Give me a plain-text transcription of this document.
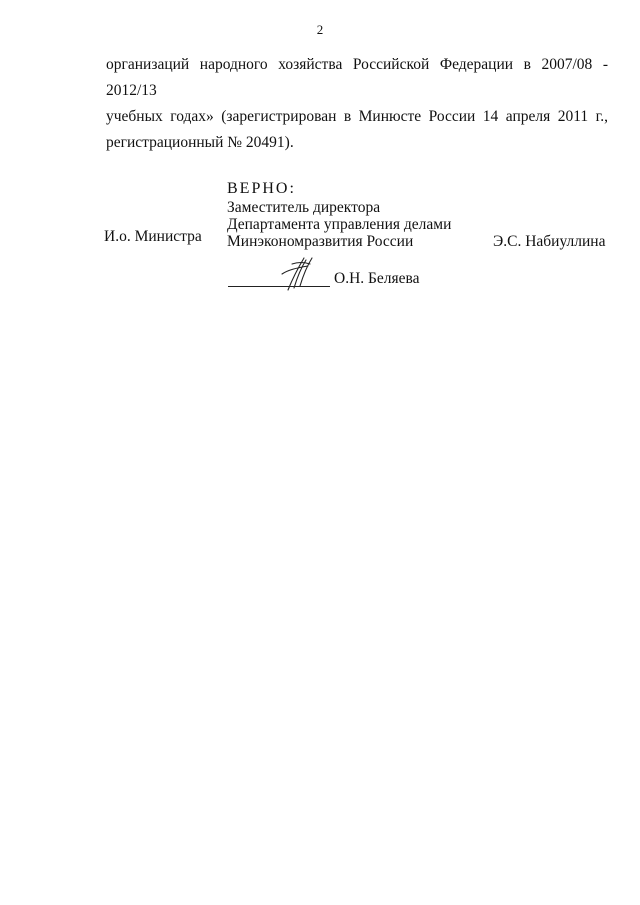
2
организаций народного хозяйства Российской Федерации в 2007/08 - 2012/13
учебных годах» (зарегистрирован в Минюсте России 14 апреля 2011 г.,
регистрационный № 20491).
И.о. Министра
ВЕРНО:
Заместитель директора
Департамента управления делами
Минэкономразвития России	Э.С. Набиуллина
О.Н. Беляева
